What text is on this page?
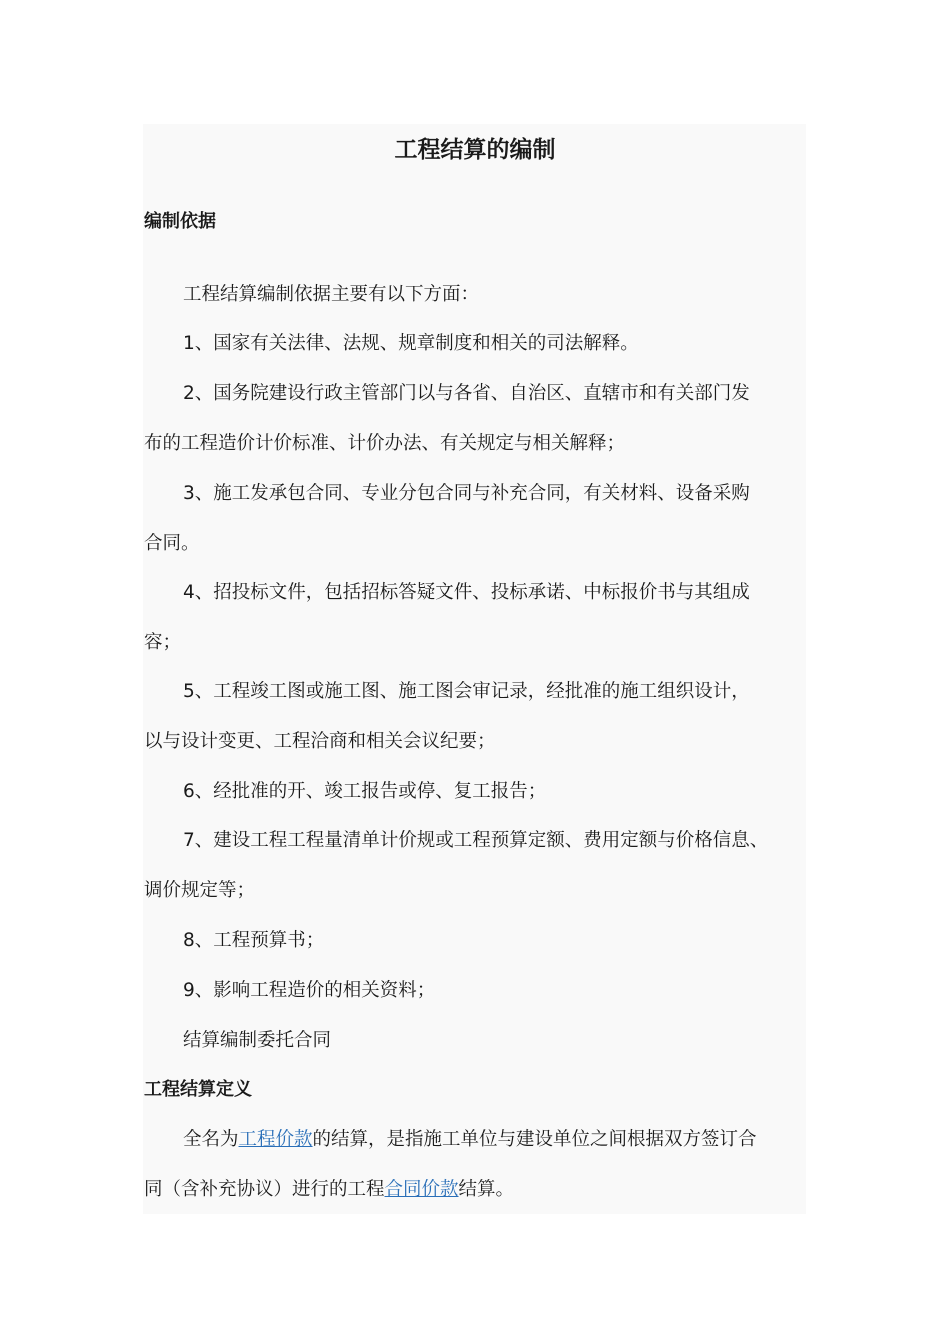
工程结算的编制
编制依据

工程结算编制依据主要有以下方面：

1、国家有关法律、法规、规章制度和相关的司法解释。

2、国务院建设行政主管部门以与各省、自治区、直辖市和有关部门发

布的工程造价计价标准、计价办法、有关规定与相关解释；

3、施工发承包合同、专业分包合同与补充合同，有关材料、设备采购

合同。

4、招投标文件，包括招标答疑文件、投标承诺、中标报价书与其组成

容；

5、工程竣工图或施工图、施工图会审记录，经批准的施工组织设计，

以与设计变更、工程洽商和相关会议纪要；

6、经批准的开、竣工报告或停、复工报告；

7、建设工程工程量清单计价规或工程预算定额、费用定额与价格信息、

调价规定等；

8、工程预算书；

9、影响工程造价的相关资料；

结算编制委托合同

工程结算定义

全名为工程价款的结算，是指施工单位与建设单位之间根据双方签订合

同（含补充协议）进行的工程合同价款结算。
